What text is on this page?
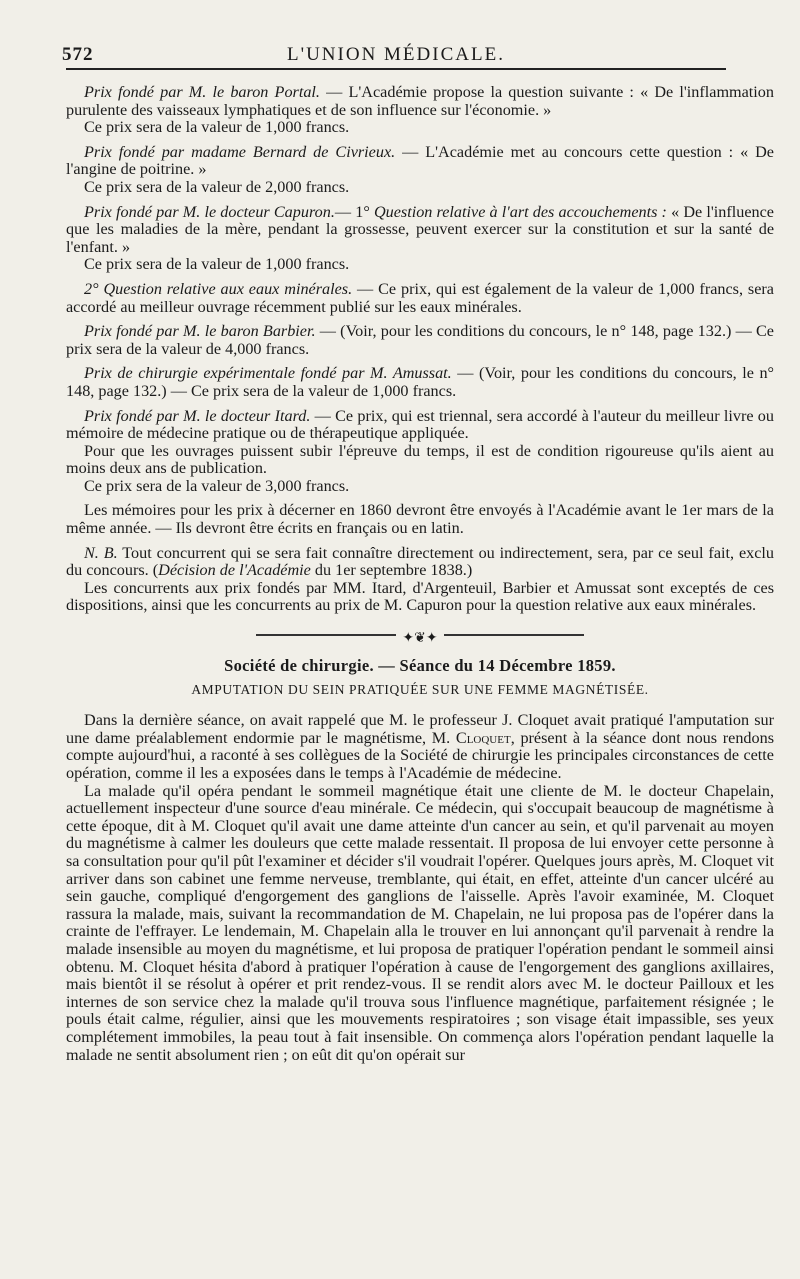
572	L'UNION MÉDICALE.

Prix fondé par M. le baron Portal. — L'Académie propose la question suivante : « De l'inflammation purulente des vaisseaux lymphatiques et de son influence sur l'économie. »

Ce prix sera de la valeur de 1,000 francs.

Prix fondé par madame Bernard de Civrieux. — L'Académie met au concours cette question : « De l'angine de poitrine. »

Ce prix sera de la valeur de 2,000 francs.

Prix fondé par M. le docteur Capuron.— 1° Question relative à l'art des accouchements : « De l'influence que les maladies de la mère, pendant la grossesse, peuvent exercer sur la constitution et sur la santé de l'enfant. »

Ce prix sera de la valeur de 1,000 francs.

2° Question relative aux eaux minérales. — Ce prix, qui est également de la valeur de 1,000 francs, sera accordé au meilleur ouvrage récemment publié sur les eaux minérales.

Prix fondé par M. le baron Barbier. — (Voir, pour les conditions du concours, le n° 148, page 132.) — Ce prix sera de la valeur de 4,000 francs.

Prix de chirurgie expérimentale fondé par M. Amussat. — (Voir, pour les conditions du concours, le n° 148, page 132.) — Ce prix sera de la valeur de 1,000 francs.

Prix fondé par M. le docteur Itard. — Ce prix, qui est triennal, sera accordé à l'auteur du meilleur livre ou mémoire de médecine pratique ou de thérapeutique appliquée.

Pour que les ouvrages puissent subir l'épreuve du temps, il est de condition rigoureuse qu'ils aient au moins deux ans de publication.

Ce prix sera de la valeur de 3,000 francs.

Les mémoires pour les prix à décerner en 1860 devront être envoyés à l'Académie avant le 1er mars de la même année. — Ils devront être écrits en français ou en latin.

N. B. Tout concurrent qui se sera fait connaître directement ou indirectement, sera, par ce seul fait, exclu du concours. (Décision de l'Académie du 1er septembre 1838.)

Les concurrents aux prix fondés par MM. Itard, d'Argenteuil, Barbier et Amussat sont exceptés de ces dispositions, ainsi que les concurrents au prix de M. Capuron pour la question relative aux eaux minérales.

✦❦✦
Société de chirurgie. — Séance du 14 Décembre 1859.
AMPUTATION DU SEIN PRATIQUÉE SUR UNE FEMME MAGNÉTISÉE.

Dans la dernière séance, on avait rappelé que M. le professeur J. Cloquet avait pratiqué l'amputation sur une dame préalablement endormie par le magnétisme, M. Cloquet, présent à la séance dont nous rendons compte aujourd'hui, a raconté à ses collègues de la Société de chirurgie les principales circonstances de cette opération, comme il les a exposées dans le temps à l'Académie de médecine.

La malade qu'il opéra pendant le sommeil magnétique était une cliente de M. le docteur Chapelain, actuellement inspecteur d'une source d'eau minérale. Ce médecin, qui s'occupait beaucoup de magnétisme à cette époque, dit à M. Cloquet qu'il avait une dame atteinte d'un cancer au sein, et qu'il parvenait au moyen du magnétisme à calmer les douleurs que cette malade ressentait. Il proposa de lui envoyer cette personne à sa consultation pour qu'il pût l'examiner et décider s'il voudrait l'opérer. Quelques jours après, M. Cloquet vit arriver dans son cabinet une femme nerveuse, tremblante, qui était, en effet, atteinte d'un cancer ulcéré au sein gauche, compliqué d'engorgement des ganglions de l'aisselle. Après l'avoir examinée, M. Cloquet rassura la malade, mais, suivant la recommandation de M. Chapelain, ne lui proposa pas de l'opérer dans la crainte de l'effrayer. Le lendemain, M. Chapelain alla le trouver en lui annonçant qu'il parvenait à rendre la malade insensible au moyen du magnétisme, et lui proposa de pratiquer l'opération pendant le sommeil ainsi obtenu. M. Cloquet hésita d'abord à pratiquer l'opération à cause de l'engorgement des ganglions axillaires, mais bientôt il se résolut à opérer et prit rendez-vous. Il se rendit alors avec M. le docteur Pailloux et les internes de son service chez la malade qu'il trouva sous l'influence magnétique, parfaitement résignée ; le pouls était calme, régulier, ainsi que les mouvements respiratoires ; son visage était impassible, ses yeux complétement immobiles, la peau tout à fait insensible. On commença alors l'opération pendant laquelle la malade ne sentit absolument rien ; on eût dit qu'on opérait sur
